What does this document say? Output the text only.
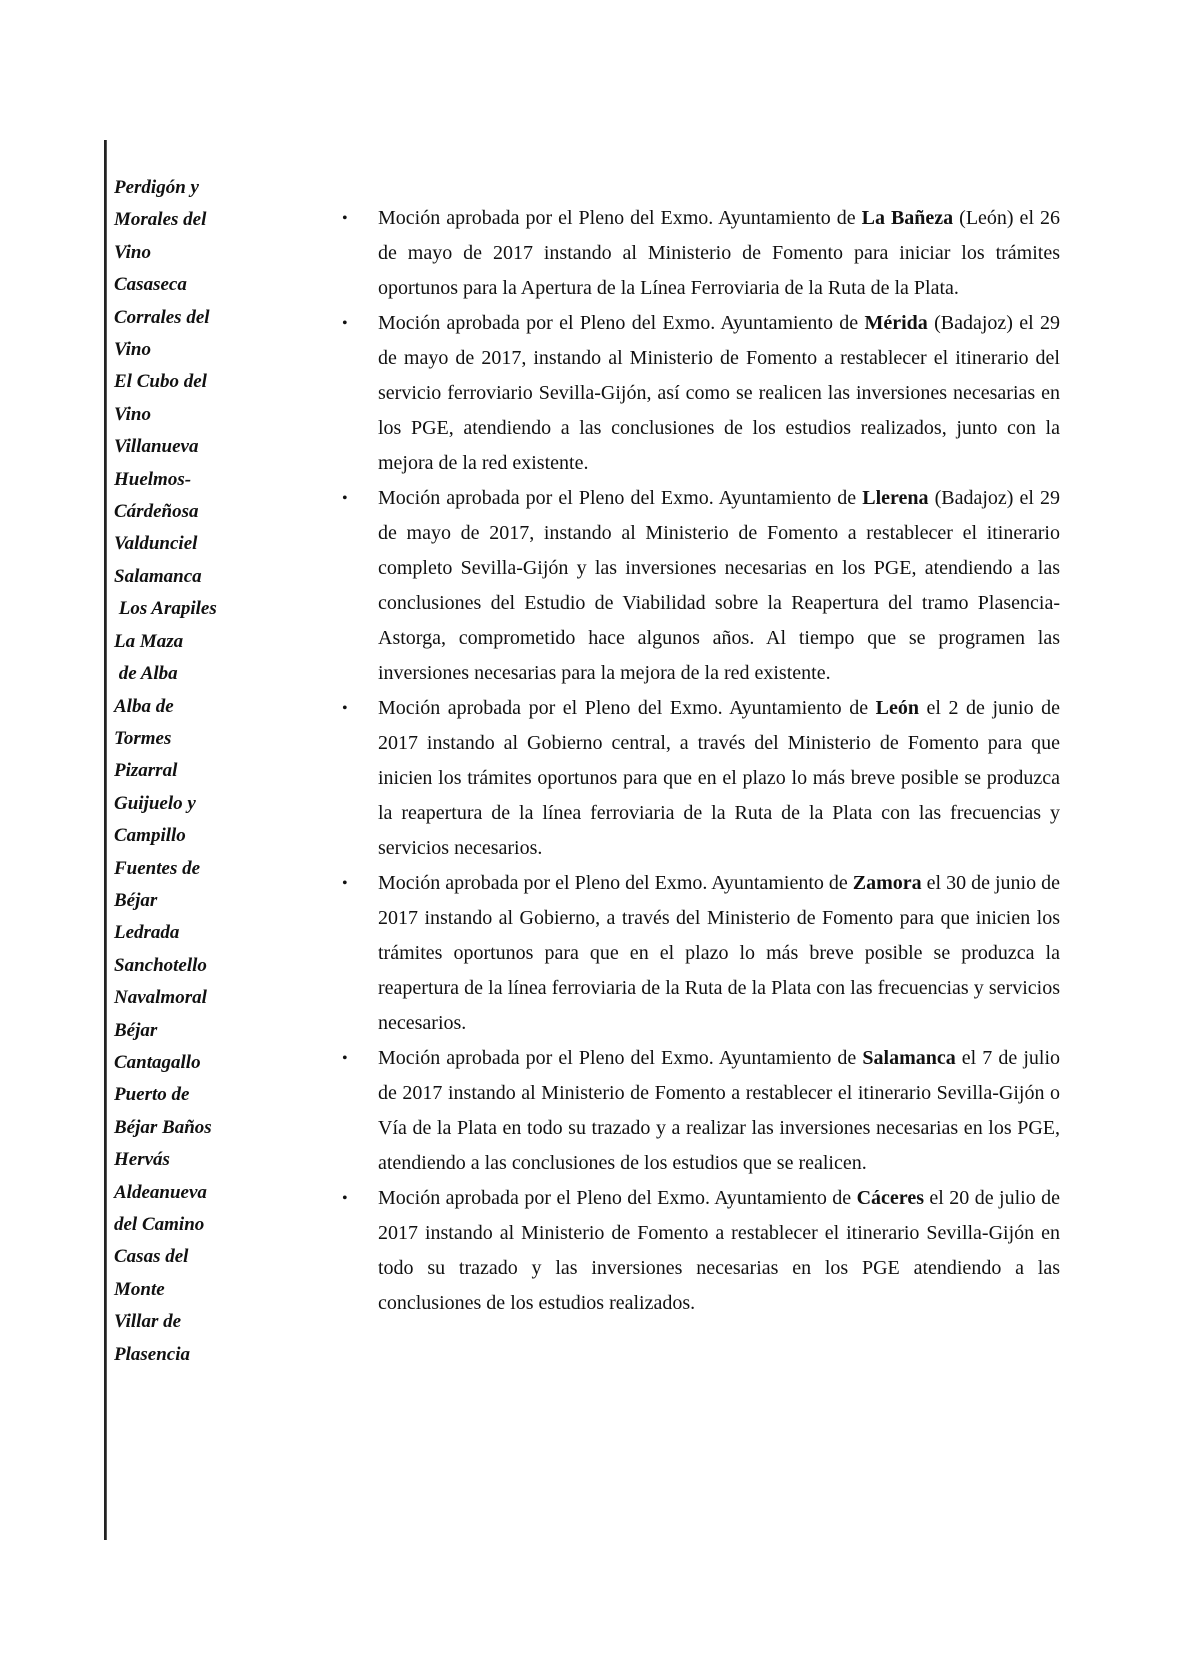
Perdigón y
Morales del
Vino
Casaseca
Corrales del
Vino
El Cubo del
Vino
Villanueva
Huelmos-
Cárdeñosa
Valdunciel
Salamanca
Los Arapiles
La Maza
de Alba
Alba de
Tormes
Pizarral
Guijuelo y
Campillo
Fuentes de
Béjar
Ledrada
Sanchotello
Navalmoral
Béjar
Cantagallo
Puerto de
Béjar Baños
Hervás
Aldeanueva
del Camino
Casas del
Monte
Villar de
Plasencia
• Moción aprobada por el Pleno del Exmo. Ayuntamiento de La Bañeza (León) el 26 de mayo de 2017 instando al Ministerio de Fomento para iniciar los trámites oportunos para la Apertura de la Línea Ferroviaria de la Ruta de la Plata.
• Moción aprobada por el Pleno del Exmo. Ayuntamiento de Mérida (Badajoz) el 29 de mayo de 2017, instando al Ministerio de Fomento a restablecer el itinerario del servicio ferroviario Sevilla-Gijón, así como se realicen las inversiones necesarias en los PGE, atendiendo a las conclusiones de los estudios realizados, junto con la mejora de la red existente.
• Moción aprobada por el Pleno del Exmo. Ayuntamiento de Llerena (Badajoz) el 29 de mayo de 2017, instando al Ministerio de Fomento a restablecer el itinerario completo Sevilla-Gijón y las inversiones necesarias en los PGE, atendiendo a las conclusiones del Estudio de Viabilidad sobre la Reapertura del tramo Plasencia-Astorga, comprometido hace algunos años. Al tiempo que se programen las inversiones necesarias para la mejora de la red existente.
• Moción aprobada por el Pleno del Exmo. Ayuntamiento de León el 2 de junio de 2017 instando al Gobierno central, a través del Ministerio de Fomento para que inicien los trámites oportunos para que en el plazo lo más breve posible se produzca la reapertura de la línea ferroviaria de la Ruta de la Plata con las frecuencias y servicios necesarios.
• Moción aprobada por el Pleno del Exmo. Ayuntamiento de Zamora el 30 de junio de 2017 instando al Gobierno, a través del Ministerio de Fomento para que inicien los trámites oportunos para que en el plazo lo más breve posible se produzca la reapertura de la línea ferroviaria de la Ruta de la Plata con las frecuencias y servicios necesarios.
• Moción aprobada por el Pleno del Exmo. Ayuntamiento de Salamanca el 7 de julio de 2017 instando al Ministerio de Fomento a restablecer el itinerario Sevilla-Gijón o Vía de la Plata en todo su trazado y a realizar las inversiones necesarias en los PGE, atendiendo a las conclusiones de los estudios que se realicen.
• Moción aprobada por el Pleno del Exmo. Ayuntamiento de Cáceres el 20 de julio de 2017 instando al Ministerio de Fomento a restablecer el itinerario Sevilla-Gijón en todo su trazado y las inversiones necesarias en los PGE atendiendo a las conclusiones de los estudios realizados.
